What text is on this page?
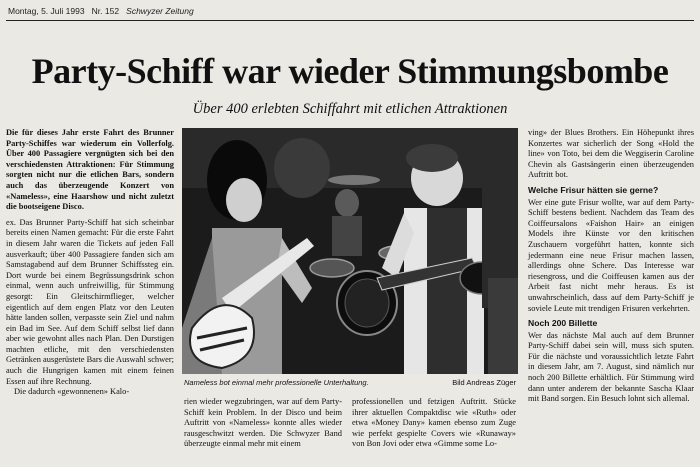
Montag, 5. Juli 1993 Nr. 152 Schwyzer Zeitung
Party-Schiff war wieder Stimmungsbombe
Über 400 erlebten Schiffahrt mit etlichen Attraktionen

Die für dieses Jahr erste Fahrt des Brunner Party-Schiffes war wiederum ein Vollerfolg. Über 400 Passagiere vergnügten sich bei den verschiedensten Attraktionen: Für Stimmung sorgten nicht nur die etlichen Bars, sondern auch das überzeugende Konzert von «Nameless», eine Haarshow und nicht zuletzt die bootseigene Disco.

ex. Das Brunner Party-Schiff hat sich scheinbar bereits einen Namen gemacht: Für die erste Fahrt in diesem Jahr waren die Tickets auf jeden Fall ausverkauft; über 400 Passagiere fanden sich am Samstagabend auf dem Brunner Schiffssteg ein. Dort wurde bei einem Begrüssungsdrink schon einmal, wenn auch unfreiwillig, für Stimmung gesorgt: Ein Gleitschirmflieger, welcher eigentlich auf dem engen Platz vor den Leuten hätte landen sollen, verpasste sein Ziel und nahm ein Bad im See. Auf dem Schiff selbst lief dann aber wie gewohnt alles nach Plan. Den Durstigen machten etliche, mit den verschiedensten Getränken ausgerüstete Bars die Auswahl schwer; auch die Hungrigen kamen mit einem feinen Essen auf ihre Rechnung.

Die dadurch «gewonnenen» Kalo-

Nameless bot einmal mehr professionelle Unterhaltung.	Bild Andreas Züger

rien wieder wegzubringen, war auf dem Party-Schiff kein Problem. In der Disco und beim Auftritt von «Nameless» konnte alles wieder rausgeschwitzt werden. Die Schwyzer Band überzeugte einmal mehr mit einem

professionellen und fetzigen Auftritt. Stücke ihrer aktuellen Compaktdisc wie «Ruth» oder etwa «Money Dany» kamen ebenso zum Zuge wie perfekt gespielte Covers wie «Runaway» von Bon Jovi oder etwa «Gimme some Lo-

ving» der Blues Brothers. Ein Höhepunkt ihres Konzertes war sicherlich der Song «Hold the line» von Toto, bei dem die Weggiserin Caroline Chevin als Gastsängerin einen überzeugenden Auftritt bot.

Welche Frisur hätten sie gerne?

Wer eine gute Frisur wollte, war auf dem Party-Schiff bestens bedient. Nachdem das Team des Coiffeursalons «Faishon Hair» an einigen Models ihre Künste vor den kritischen Zuschauern vorgeführt hatten, konnte sich jedermann eine neue Frisur machen lassen, allerdings ohne Schere. Das Interesse war riesengross, und die Coiffeusen kamen aus der Arbeit fast nicht mehr heraus. Es ist unwahrscheinlich, dass auf dem Party-Schiff je soviele Leute mit trendigen Frisuren verkehrten.

Noch 200 Billette

Wer das nächste Mal auch auf dem Brunner Party-Schiff dabei sein will, muss sich sputen. Für die nächste und voraussichtlich letzte Fahrt in diesem Jahr, am 7. August, sind nämlich nur noch 200 Billette erhältlich. Für Stimmung wird dann unter anderem der bekannte Sascha Klaar mit Band sorgen. Ein Besuch lohnt sich allemal.
